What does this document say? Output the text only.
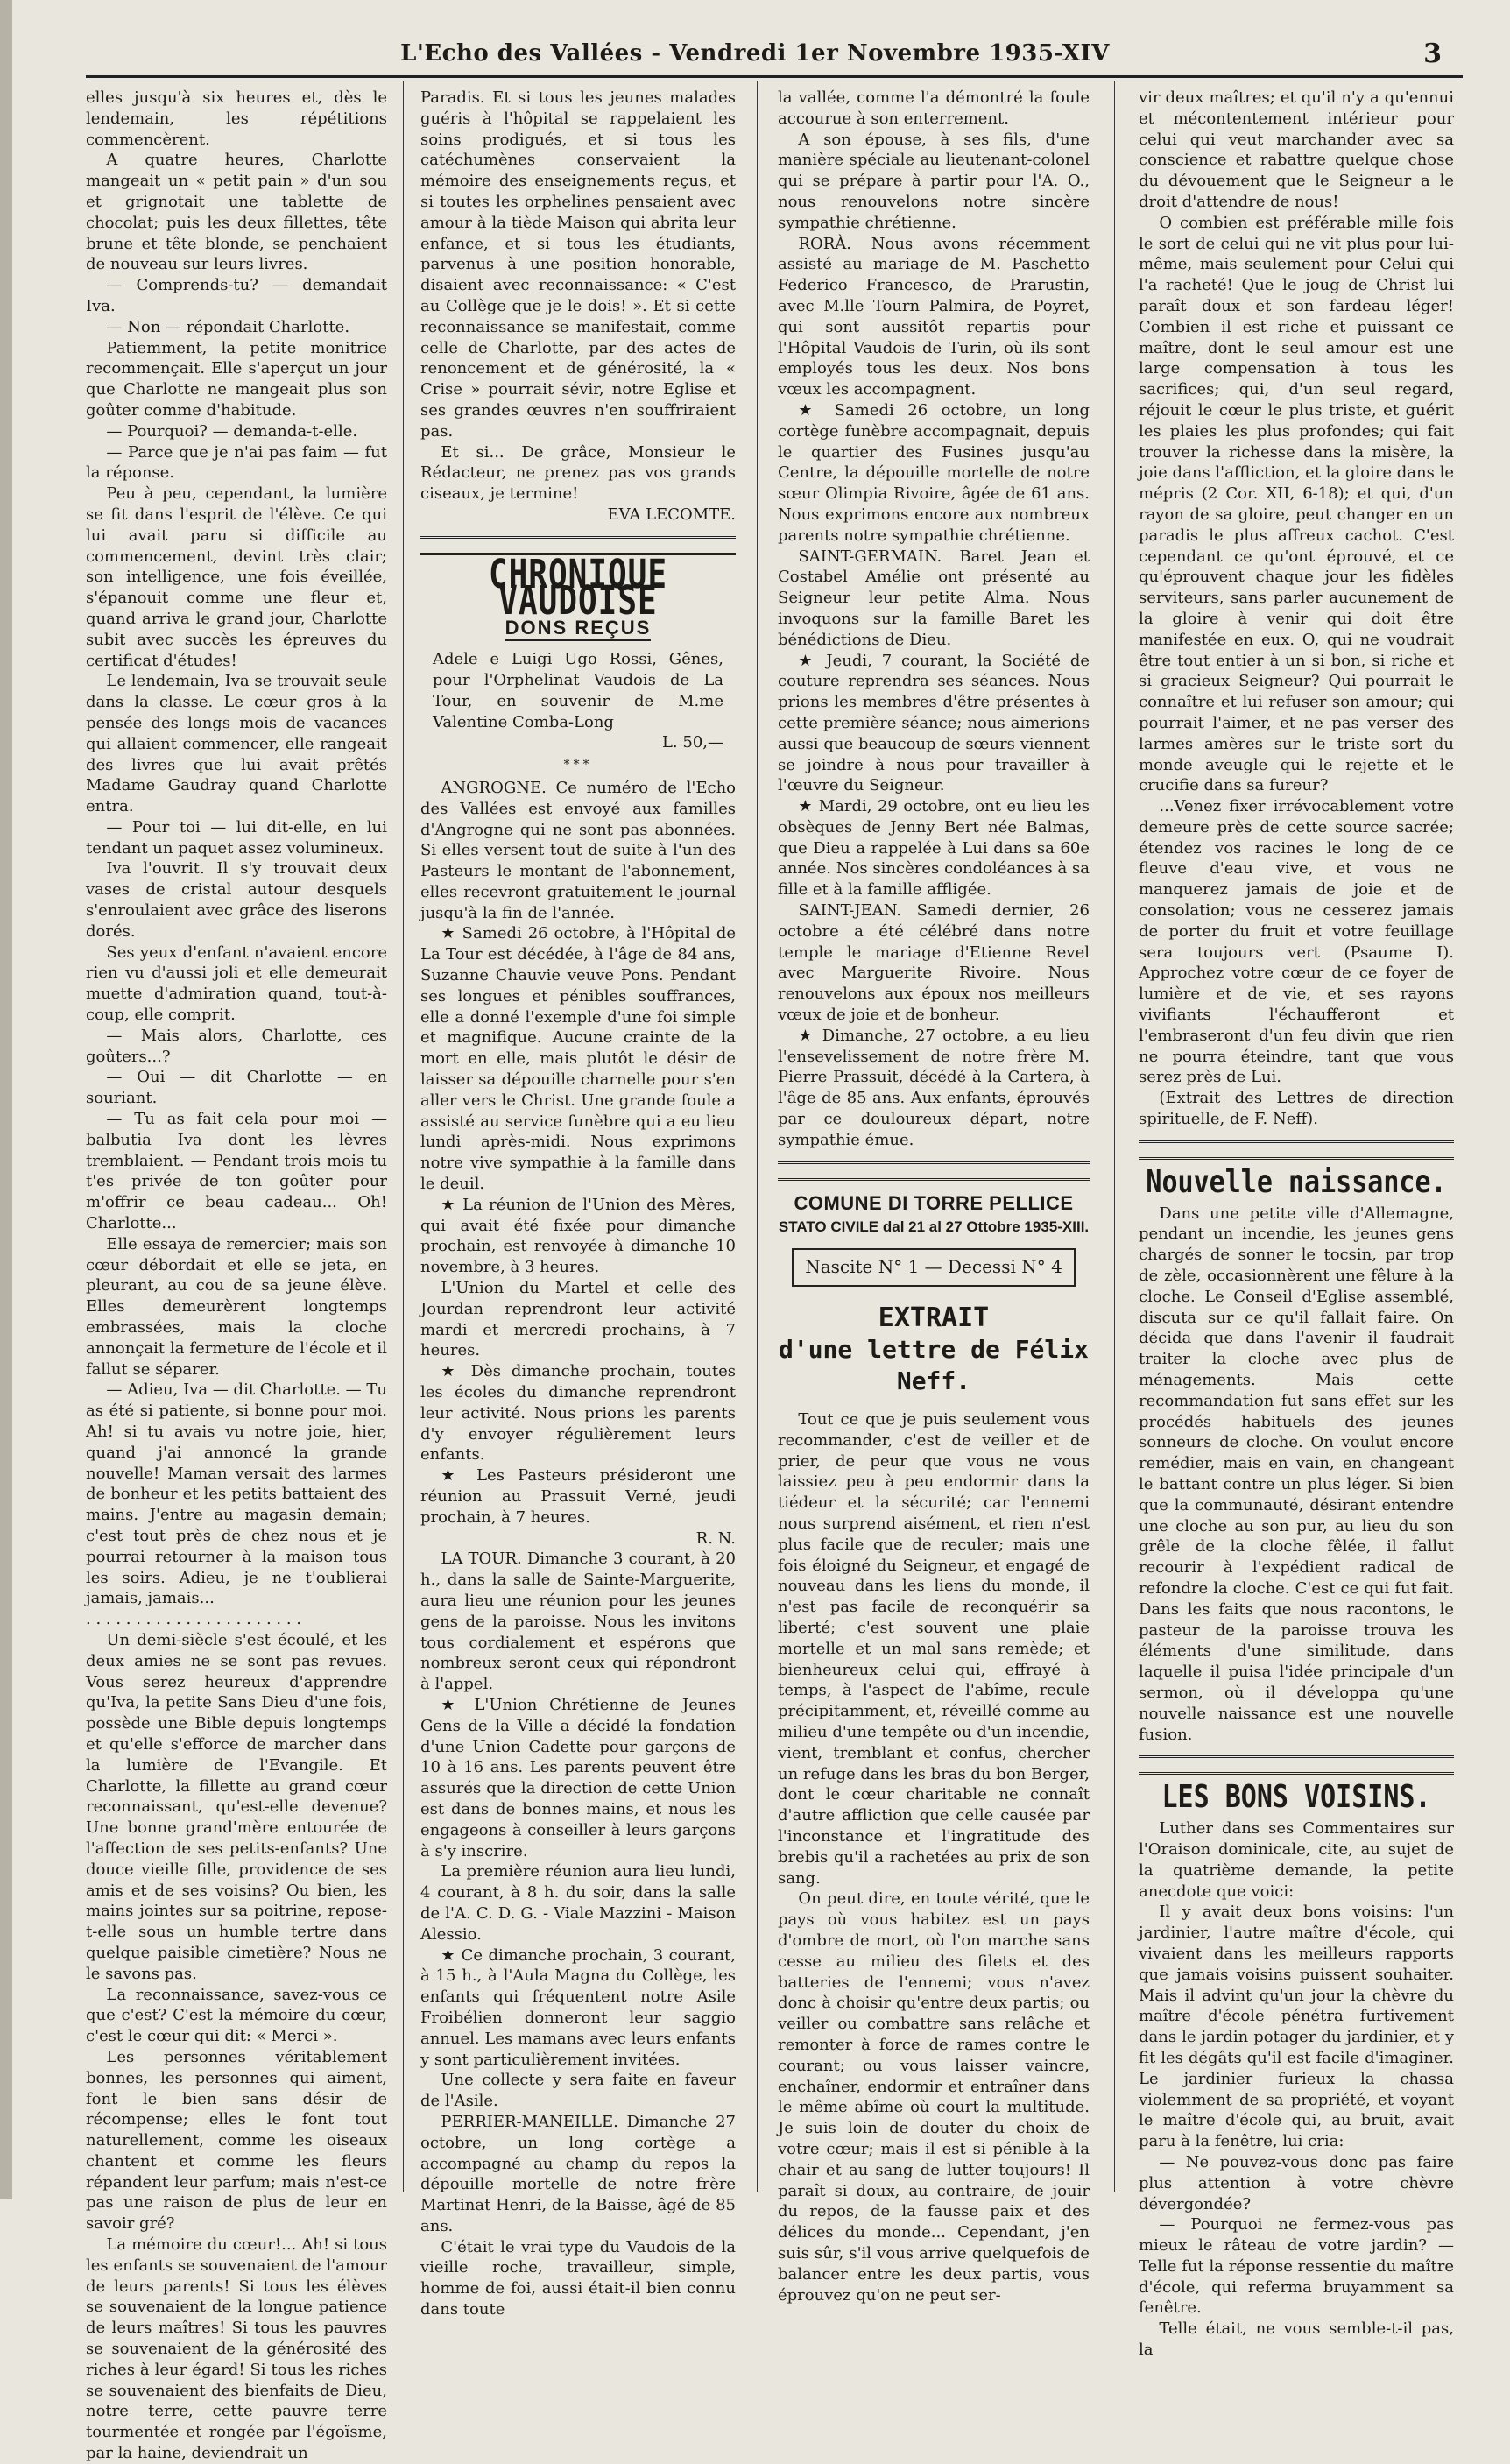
L'Echo des Vallées - Vendredi 1er Novembre 1935-XIV	3

elles jusqu'à six heures et, dès le lendemain, les répétitions commencèrent.

A quatre heures, Charlotte mangeait un « petit pain » d'un sou et grignotait une tablette de chocolat; puis les deux fillettes, tête brune et tête blonde, se penchaient de nouveau sur leurs livres.

— Comprends-tu? — demandait Iva.

— Non — répondait Charlotte.

Patiemment, la petite monitrice recommençait. Elle s'aperçut un jour que Charlotte ne mangeait plus son goûter comme d'habitude.

— Pourquoi? — demanda-t-elle.

— Parce que je n'ai pas faim — fut la réponse.

Peu à peu, cependant, la lumière se fit dans l'esprit de l'élève. Ce qui lui avait paru si difficile au commencement, devint très clair; son intelligence, une fois éveillée, s'épanouit comme une fleur et, quand arriva le grand jour, Charlotte subit avec succès les épreuves du certificat d'études!

Le lendemain, Iva se trouvait seule dans la classe. Le cœur gros à la pensée des longs mois de vacances qui allaient commencer, elle rangeait des livres que lui avait prêtés Madame Gaudray quand Charlotte entra.

— Pour toi — lui dit-elle, en lui tendant un paquet assez volumineux.

Iva l'ouvrit. Il s'y trouvait deux vases de cristal autour desquels s'enroulaient avec grâce des liserons dorés.

Ses yeux d'enfant n'avaient encore rien vu d'aussi joli et elle demeurait muette d'admiration quand, tout-à-coup, elle comprit.

— Mais alors, Charlotte, ces goûters...?

— Oui — dit Charlotte — en souriant.

— Tu as fait cela pour moi — balbutia Iva dont les lèvres tremblaient. — Pendant trois mois tu t'es privée de ton goûter pour m'offrir ce beau cadeau... Oh! Charlotte...

Elle essaya de remercier; mais son cœur débordait et elle se jeta, en pleurant, au cou de sa jeune élève. Elles demeurèrent longtemps embrassées, mais la cloche annonçait la fermeture de l'école et il fallut se séparer.

— Adieu, Iva — dit Charlotte. — Tu as été si patiente, si bonne pour moi. Ah! si tu avais vu notre joie, hier, quand j'ai annoncé la grande nouvelle! Maman versait des larmes de bonheur et les petits battaient des mains. J'entre au magasin demain; c'est tout près de chez nous et je pourrai retourner à la maison tous les soirs. Adieu, je ne t'oublierai jamais, jamais...

. . . . . . . . . . . . . . . . . . . . . .

Un demi-siècle s'est écoulé, et les deux amies ne se sont pas revues. Vous serez heureux d'apprendre qu'Iva, la petite Sans Dieu d'une fois, possède une Bible depuis longtemps et qu'elle s'efforce de marcher dans la lumière de l'Evangile. Et Charlotte, la fillette au grand cœur reconnaissant, qu'est-elle devenue? Une bonne grand'mère entourée de l'affection de ses petits-enfants? Une douce vieille fille, providence de ses amis et de ses voisins? Ou bien, les mains jointes sur sa poitrine, repose-t-elle sous un humble tertre dans quelque paisible cimetière? Nous ne le savons pas.

La reconnaissance, savez-vous ce que c'est? C'est la mémoire du cœur, c'est le cœur qui dit: « Merci ».

Les personnes véritablement bonnes, les personnes qui aiment, font le bien sans désir de récompense; elles le font tout naturellement, comme les oiseaux chantent et comme les fleurs répandent leur parfum; mais n'est-ce pas une raison de plus de leur en savoir gré?

La mémoire du cœur!... Ah! si tous les enfants se souvenaient de l'amour de leurs parents! Si tous les élèves se souvenaient de la longue patience de leurs maîtres! Si tous les pauvres se souvenaient de la générosité des riches à leur égard! Si tous les riches se souvenaient des bienfaits de Dieu, notre terre, cette pauvre terre tourmentée et rongée par l'égoïsme, par la haine, deviendrait un

Paradis. Et si tous les jeunes malades guéris à l'hôpital se rappelaient les soins prodigués, et si tous les catéchumènes conservaient la mémoire des enseignements reçus, et si toutes les orphelines pensaient avec amour à la tiède Maison qui abrita leur enfance, et si tous les étudiants, parvenus à une position honorable, disaient avec reconnaissance: « C'est au Collège que je le dois! ». Et si cette reconnaissance se manifestait, comme celle de Charlotte, par des actes de renoncement et de générosité, la « Crise » pourrait sévir, notre Eglise et ses grandes œuvres n'en souffriraient pas.

Et si... De grâce, Monsieur le Rédacteur, ne prenez pas vos grands ciseaux, je termine!

EVA LECOMTE.

CHRONIQUE VAUDOISE
DONS REÇUS

Adele e Luigi Ugo Rossi, Gênes, pour l'Orphelinat Vaudois de La Tour, en souvenir de M.me Valentine Comba-Long

L. 50,—

***

ANGROGNE. Ce numéro de l'Echo des Vallées est envoyé aux familles d'Angrogne qui ne sont pas abonnées. Si elles versent tout de suite à l'un des Pasteurs le montant de l'abonnement, elles recevront gratuitement le journal jusqu'à la fin de l'année.

★ Samedi 26 octobre, à l'Hôpital de La Tour est décédée, à l'âge de 84 ans, Suzanne Chauvie veuve Pons. Pendant ses longues et pénibles souffrances, elle a donné l'exemple d'une foi simple et magnifique. Aucune crainte de la mort en elle, mais plutôt le désir de laisser sa dépouille charnelle pour s'en aller vers le Christ. Une grande foule a assisté au service funèbre qui a eu lieu lundi après-midi. Nous exprimons notre vive sympathie à la famille dans le deuil.

★ La réunion de l'Union des Mères, qui avait été fixée pour dimanche prochain, est renvoyée à dimanche 10 novembre, à 3 heures.

L'Union du Martel et celle des Jourdan reprendront leur activité mardi et mercredi prochains, à 7 heures.

★ Dès dimanche prochain, toutes les écoles du dimanche reprendront leur activité. Nous prions les parents d'y envoyer régulièrement leurs enfants.

★ Les Pasteurs présideront une réunion au Prassuit Verné, jeudi prochain, à 7 heures.

R. N.

LA TOUR. Dimanche 3 courant, à 20 h., dans la salle de Sainte-Marguerite, aura lieu une réunion pour les jeunes gens de la paroisse. Nous les invitons tous cordialement et espérons que nombreux seront ceux qui répondront à l'appel.

★ L'Union Chrétienne de Jeunes Gens de la Ville a décidé la fondation d'une Union Cadette pour garçons de 10 à 16 ans. Les parents peuvent être assurés que la direction de cette Union est dans de bonnes mains, et nous les engageons à conseiller à leurs garçons à s'y inscrire.

La première réunion aura lieu lundi, 4 courant, à 8 h. du soir, dans la salle de l'A. C. D. G. - Viale Mazzini - Maison Alessio.

★ Ce dimanche prochain, 3 courant, à 15 h., à l'Aula Magna du Collège, les enfants qui fréquentent notre Asile Froibélien donneront leur saggio annuel. Les mamans avec leurs enfants y sont particulièrement invitées.

Une collecte y sera faite en faveur de l'Asile.

PERRIER-MANEILLE. Dimanche 27 octobre, un long cortège a accompagné au champ du repos la dépouille mortelle de notre frère Martinat Henri, de la Baisse, âgé de 85 ans.

C'était le vrai type du Vaudois de la vieille roche, travailleur, simple, homme de foi, aussi était-il bien connu dans toute

la vallée, comme l'a démontré la foule accourue à son enterrement.

A son épouse, à ses fils, d'une manière spéciale au lieutenant-colonel qui se prépare à partir pour l'A. O., nous renouvelons notre sincère sympathie chrétienne.

RORÀ. Nous avons récemment assisté au mariage de M. Paschetto Federico Francesco, de Prarustin, avec M.lle Tourn Palmira, de Poyret, qui sont aussitôt repartis pour l'Hôpital Vaudois de Turin, où ils sont employés tous les deux. Nos bons vœux les accompagnent.

★ Samedi 26 octobre, un long cortège funèbre accompagnait, depuis le quartier des Fusines jusqu'au Centre, la dépouille mortelle de notre sœur Olimpia Rivoire, âgée de 61 ans. Nous exprimons encore aux nombreux parents notre sympathie chrétienne.

SAINT-GERMAIN. Baret Jean et Costabel Amélie ont présenté au Seigneur leur petite Alma. Nous invoquons sur la famille Baret les bénédictions de Dieu.

★ Jeudi, 7 courant, la Société de couture reprendra ses séances. Nous prions les membres d'être présentes à cette première séance; nous aimerions aussi que beaucoup de sœurs viennent se joindre à nous pour travailler à l'œuvre du Seigneur.

★ Mardi, 29 octobre, ont eu lieu les obsèques de Jenny Bert née Balmas, que Dieu a rappelée à Lui dans sa 60e année. Nos sincères condoléances à sa fille et à la famille affligée.

SAINT-JEAN. Samedi dernier, 26 octobre a été célébré dans notre temple le mariage d'Etienne Revel avec Marguerite Rivoire. Nous renouvelons aux époux nos meilleurs vœux de joie et de bonheur.

★ Dimanche, 27 octobre, a eu lieu l'ensevelissement de notre frère M. Pierre Prassuit, décédé à la Cartera, à l'âge de 85 ans. Aux enfants, éprouvés par ce douloureux départ, notre sympathie émue.

COMUNE DI TORRE PELLICE
STATO CIVILE dal 21 al 27 Ottobre 1935-XIII.
Nascite N° 1 — Decessi N° 4
EXTRAIT
d'une lettre de Félix Neff.

Tout ce que je puis seulement vous recommander, c'est de veiller et de prier, de peur que vous ne vous laissiez peu à peu endormir dans la tiédeur et la sécurité; car l'ennemi nous surprend aisément, et rien n'est plus facile que de reculer; mais une fois éloigné du Seigneur, et engagé de nouveau dans les liens du monde, il n'est pas facile de reconquérir sa liberté; c'est souvent une plaie mortelle et un mal sans remède; et bienheureux celui qui, effrayé à temps, à l'aspect de l'abîme, recule précipitamment, et, réveillé comme au milieu d'une tempête ou d'un incendie, vient, tremblant et confus, chercher un refuge dans les bras du bon Berger, dont le cœur charitable ne connaît d'autre affliction que celle causée par l'inconstance et l'ingratitude des brebis qu'il a rachetées au prix de son sang.

On peut dire, en toute vérité, que le pays où vous habitez est un pays d'ombre de mort, où l'on marche sans cesse au milieu des filets et des batteries de l'ennemi; vous n'avez donc à choisir qu'entre deux partis; ou veiller ou combattre sans relâche et remonter à force de rames contre le courant; ou vous laisser vaincre, enchaîner, endormir et entraîner dans le même abîme où court la multitude. Je suis loin de douter du choix de votre cœur; mais il est si pénible à la chair et au sang de lutter toujours! Il paraît si doux, au contraire, de jouir du repos, de la fausse paix et des délices du monde... Cependant, j'en suis sûr, s'il vous arrive quelquefois de balancer entre les deux partis, vous éprouvez qu'on ne peut ser-

vir deux maîtres; et qu'il n'y a qu'ennui et mécontentement intérieur pour celui qui veut marchander avec sa conscience et rabattre quelque chose du dévouement que le Seigneur a le droit d'attendre de nous!

O combien est préférable mille fois le sort de celui qui ne vit plus pour lui-même, mais seulement pour Celui qui l'a racheté! Que le joug de Christ lui paraît doux et son fardeau léger! Combien il est riche et puissant ce maître, dont le seul amour est une large compensation à tous les sacrifices; qui, d'un seul regard, réjouit le cœur le plus triste, et guérit les plaies les plus profondes; qui fait trouver la richesse dans la misère, la joie dans l'affliction, et la gloire dans le mépris (2 Cor. XII, 6-18); et qui, d'un rayon de sa gloire, peut changer en un paradis le plus affreux cachot. C'est cependant ce qu'ont éprouvé, et ce qu'éprouvent chaque jour les fidèles serviteurs, sans parler aucunement de la gloire à venir qui doit être manifestée en eux. O, qui ne voudrait être tout entier à un si bon, si riche et si gracieux Seigneur? Qui pourrait le connaître et lui refuser son amour; qui pourrait l'aimer, et ne pas verser des larmes amères sur le triste sort du monde aveugle qui le rejette et le crucifie dans sa fureur?

...Venez fixer irrévocablement votre demeure près de cette source sacrée; étendez vos racines le long de ce fleuve d'eau vive, et vous ne manquerez jamais de joie et de consolation; vous ne cesserez jamais de porter du fruit et votre feuillage sera toujours vert (Psaume I). Approchez votre cœur de ce foyer de lumière et de vie, et ses rayons vivifiants l'échaufferont et l'embraseront d'un feu divin que rien ne pourra éteindre, tant que vous serez près de Lui.

(Extrait des Lettres de direction spirituelle, de F. Neff).

Nouvelle naissance.

Dans une petite ville d'Allemagne, pendant un incendie, les jeunes gens chargés de sonner le tocsin, par trop de zèle, occasionnèrent une fêlure à la cloche. Le Conseil d'Eglise assemblé, discuta sur ce qu'il fallait faire. On décida que dans l'avenir il faudrait traiter la cloche avec plus de ménagements. Mais cette recommandation fut sans effet sur les procédés habituels des jeunes sonneurs de cloche. On voulut encore remédier, mais en vain, en changeant le battant contre un plus léger. Si bien que la communauté, désirant entendre une cloche au son pur, au lieu du son grêle de la cloche fêlée, il fallut recourir à l'expédient radical de refondre la cloche. C'est ce qui fut fait. Dans les faits que nous racontons, le pasteur de la paroisse trouva les éléments d'une similitude, dans laquelle il puisa l'idée principale d'un sermon, où il développa qu'une nouvelle naissance est une nouvelle fusion.

LES BONS VOISINS.

Luther dans ses Commentaires sur l'Oraison dominicale, cite, au sujet de la quatrième demande, la petite anecdote que voici:

Il y avait deux bons voisins: l'un jardinier, l'autre maître d'école, qui vivaient dans les meilleurs rapports que jamais voisins puissent souhaiter. Mais il advint qu'un jour la chèvre du maître d'école pénétra furtivement dans le jardin potager du jardinier, et y fit les dégâts qu'il est facile d'imaginer. Le jardinier furieux la chassa violemment de sa propriété, et voyant le maître d'école qui, au bruit, avait paru à la fenêtre, lui cria:

— Ne pouvez-vous donc pas faire plus attention à votre chèvre dévergondée?

— Pourquoi ne fermez-vous pas mieux le râteau de votre jardin? — Telle fut la réponse ressentie du maître d'école, qui referma bruyamment sa fenêtre.

Telle était, ne vous semble-t-il pas, la
